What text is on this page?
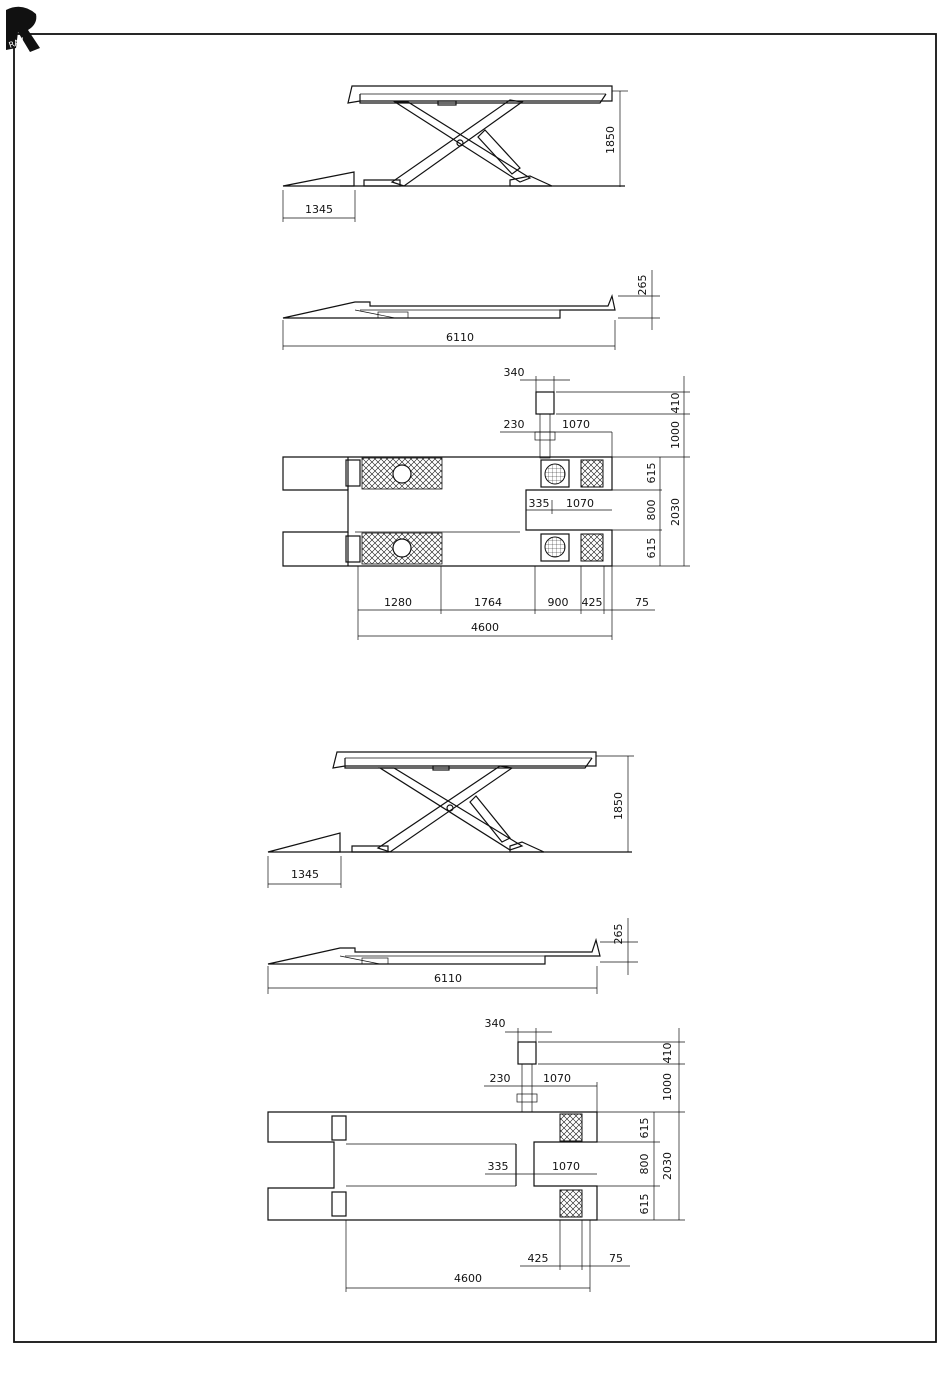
RAV
1850
1345
265
6110
340
410
1000
615
800 2030
615
230	1070
335 1070
1280	1764	900 425	75
4600
1850
1345
265
6110
340
410
1000
615
800 2030
615
230	1070
335	1070
425	75
4600
